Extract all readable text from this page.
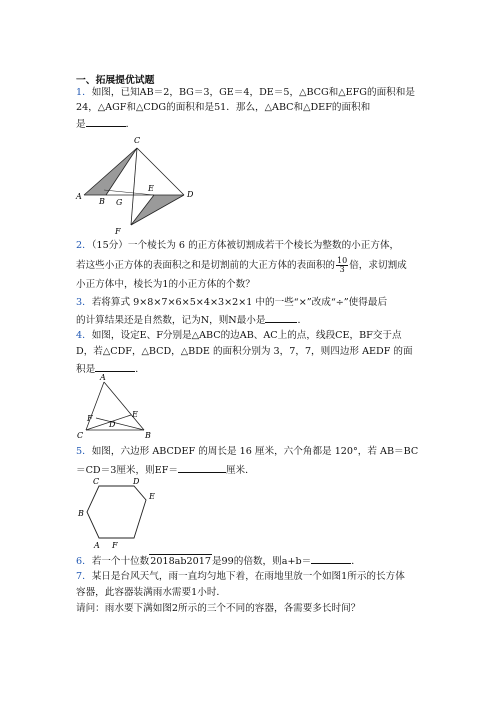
一、拓展提优试题
1．如图，已知AB＝2，BG＝3，GE＝4，DE＝5，△BCG和△EFG的面积和是
24，△AGF和△CDG的面积和是51．那么，△ABC和△DEF的面积和
是	．
A
B G
E
D
C
F
2．（15分）一个棱长为 6 的正方体被切割成若干个棱长为整数的小正方体，
若这些小正方体的表面积之和是切割前的大正方体的表面积的 $\frac{10}{3}$ 倍，求切割成
小正方体中，棱长为1的小正方体的个数？
3．若将算式 9×8×7×6×5×4×3×2×1 中的一些“×”改成“÷”使得最后
的计算结果还是自然数，记为N，则N最小是	．
4．如图，设定E、F分别是△ABC的边AB、AC上的点，线段CE，BF交于点
D，若△CDF，△BCD，△BDE 的面积分别为 3，7，7，则四边形 AEDF 的面
积是	．
A
F	E
D
C	B
5．如图，六边形 ABCDEF 的周长是 16 厘米，六个角都是 120°，若 AB＝BC
＝CD＝3厘米，则EF＝	厘米．
C	D
E
B
A F
6．若一个十位数2018ab2017是99的倍数，则a+b＝	．
7．某日是台风天气，雨一直均匀地下着，在雨地里放一个如图1所示的长方体
容器，此容器装满雨水需要1小时．
请问：雨水要下满如图2所示的三个不同的容器，各需要多长时间？
